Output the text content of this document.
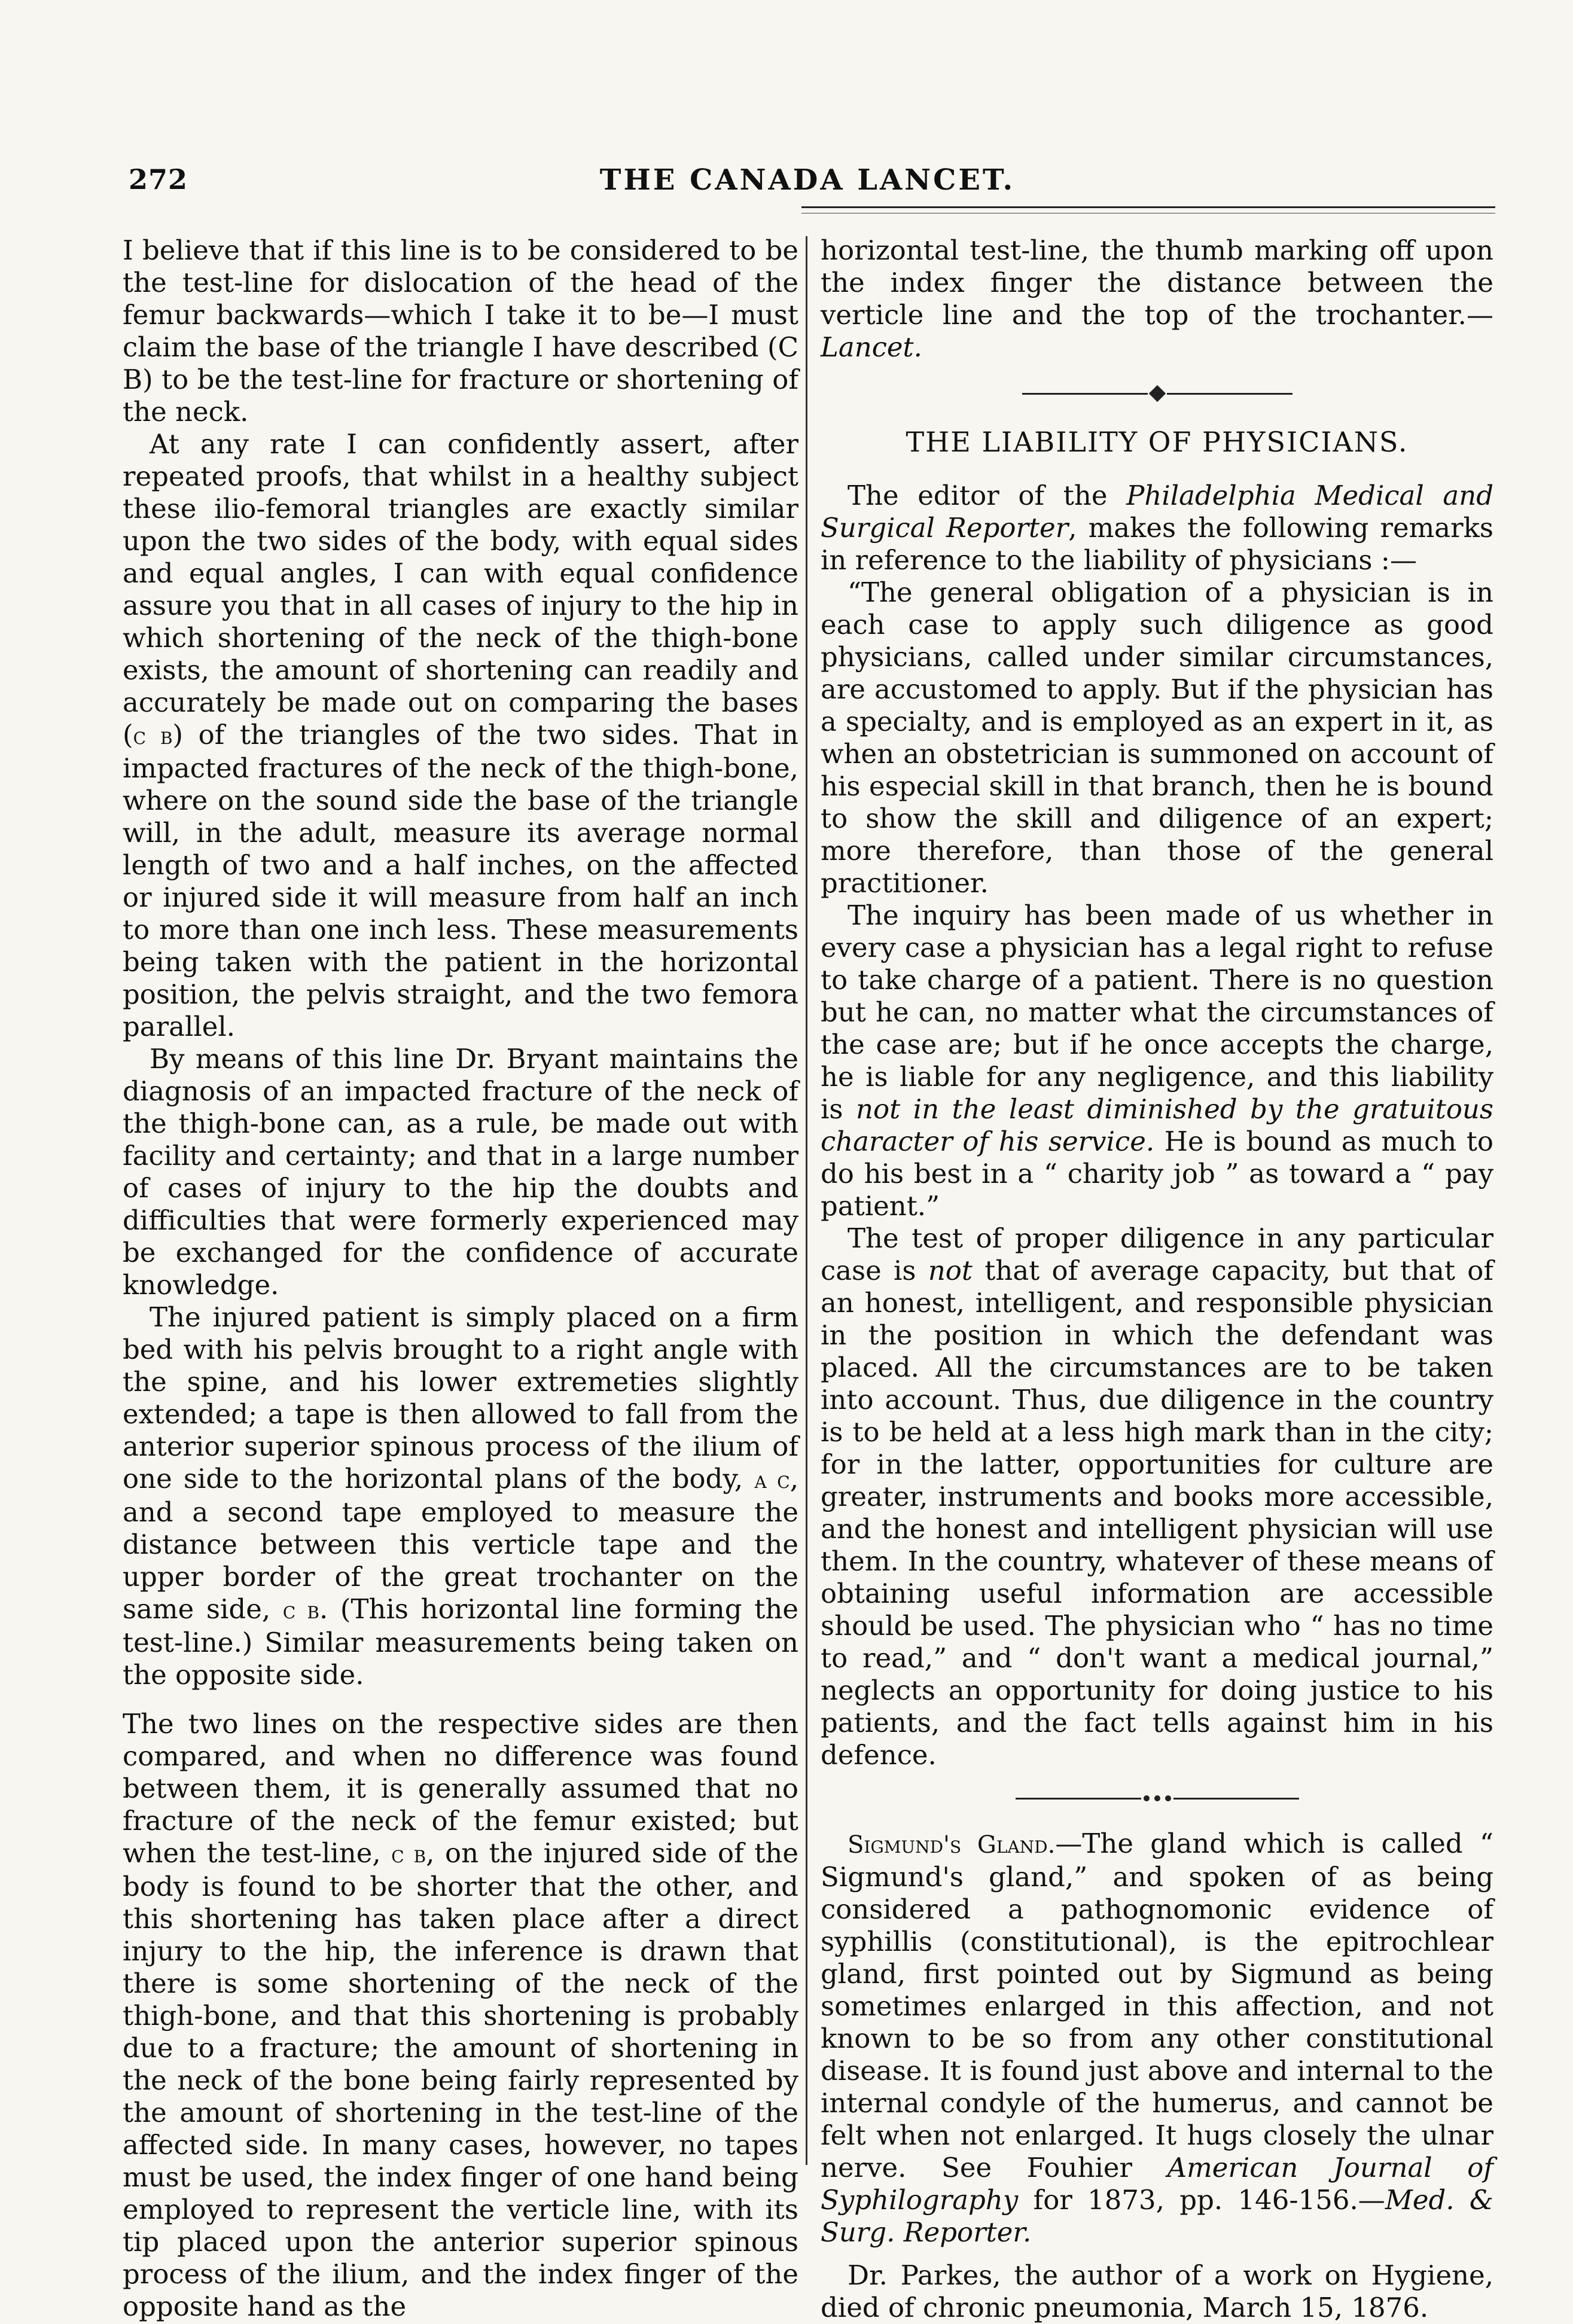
272	THE CANADA LANCET.

I believe that if this line is to be considered to be the test-line for dislocation of the head of the femur backwards—which I take it to be—I must claim the base of the triangle I have described (C B) to be the test-line for fracture or shortening of the neck.

At any rate I can confidently assert, after repeated proofs, that whilst in a healthy subject these ilio-femoral triangles are exactly similar upon the two sides of the body, with equal sides and equal angles, I can with equal confidence assure you that in all cases of injury to the hip in which shortening of the neck of the thigh-bone exists, the amount of shortening can readily and accurately be made out on comparing the bases (c b) of the triangles of the two sides. That in impacted fractures of the neck of the thigh-bone, where on the sound side the base of the triangle will, in the adult, measure its average normal length of two and a half inches, on the affected or injured side it will measure from half an inch to more than one inch less. These measurements being taken with the patient in the horizontal position, the pelvis straight, and the two femora parallel.

By means of this line Dr. Bryant maintains the diagnosis of an impacted fracture of the neck of the thigh-bone can, as a rule, be made out with facility and certainty; and that in a large number of cases of injury to the hip the doubts and difficulties that were formerly experienced may be exchanged for the confidence of accurate knowledge.

The injured patient is simply placed on a firm bed with his pelvis brought to a right angle with the spine, and his lower extremeties slightly extended; a tape is then allowed to fall from the anterior superior spinous process of the ilium of one side to the horizontal plans of the body, a c, and a second tape employed to measure the distance between this verticle tape and the upper border of the great trochanter on the same side, c b. (This horizontal line forming the test-line.) Similar measurements being taken on the opposite side.

The two lines on the respective sides are then compared, and when no difference was found between them, it is generally assumed that no fracture of the neck of the femur existed; but when the test-line, c b, on the injured side of the body is found to be shorter that the other, and this shortening has taken place after a direct injury to the hip, the inference is drawn that there is some shortening of the neck of the thigh-bone, and that this shortening is probably due to a fracture; the amount of shortening in the neck of the bone being fairly represented by the amount of shortening in the test-line of the affected side. In many cases, however, no tapes must be used, the index finger of one hand being employed to represent the verticle line, with its tip placed upon the anterior superior spinous process of the ilium, and the index finger of the opposite hand as the

horizontal test-line, the thumb marking off upon the index finger the distance between the verticle line and the top of the trochanter.—Lancet.

THE LIABILITY OF PHYSICIANS.

The editor of the Philadelphia Medical and Surgical Reporter, makes the following remarks in reference to the liability of physicians :—

“The general obligation of a physician is in each case to apply such diligence as good physicians, called under similar circumstances, are accustomed to apply. But if the physician has a specialty, and is employed as an expert in it, as when an obstetrician is summoned on account of his especial skill in that branch, then he is bound to show the skill and diligence of an expert; more therefore, than those of the general practitioner.

The inquiry has been made of us whether in every case a physician has a legal right to refuse to take charge of a patient. There is no question but he can, no matter what the circumstances of the case are; but if he once accepts the charge, he is liable for any negligence, and this liability is not in the least diminished by the gratuitous character of his service. He is bound as much to do his best in a “ charity job ” as toward a “ pay patient.”

The test of proper diligence in any particular case is not that of average capacity, but that of an honest, intelligent, and responsible physician in the position in which the defendant was placed. All the circumstances are to be taken into account. Thus, due diligence in the country is to be held at a less high mark than in the city; for in the latter, opportunities for culture are greater, instruments and books more accessible, and the honest and intelligent physician will use them. In the country, whatever of these means of obtaining useful information are accessible should be used. The physician who “ has no time to read,” and “ don't want a medical journal,” neglects an opportunity for doing justice to his patients, and the fact tells against him in his defence.

Sigmund's Gland.—The gland which is called “ Sigmund's gland,” and spoken of as being considered a pathognomonic evidence of syphillis (constitutional), is the epitrochlear gland, first pointed out by Sigmund as being sometimes enlarged in this affection, and not known to be so from any other constitutional disease. It is found just above and internal to the internal condyle of the humerus, and cannot be felt when not enlarged. It hugs closely the ulnar nerve. See Fouhier American Journal of Syphilography for 1873, pp. 146-156.—Med. & Surg. Reporter.

Dr. Parkes, the author of a work on Hygiene, died of chronic pneumonia, March 15, 1876.
